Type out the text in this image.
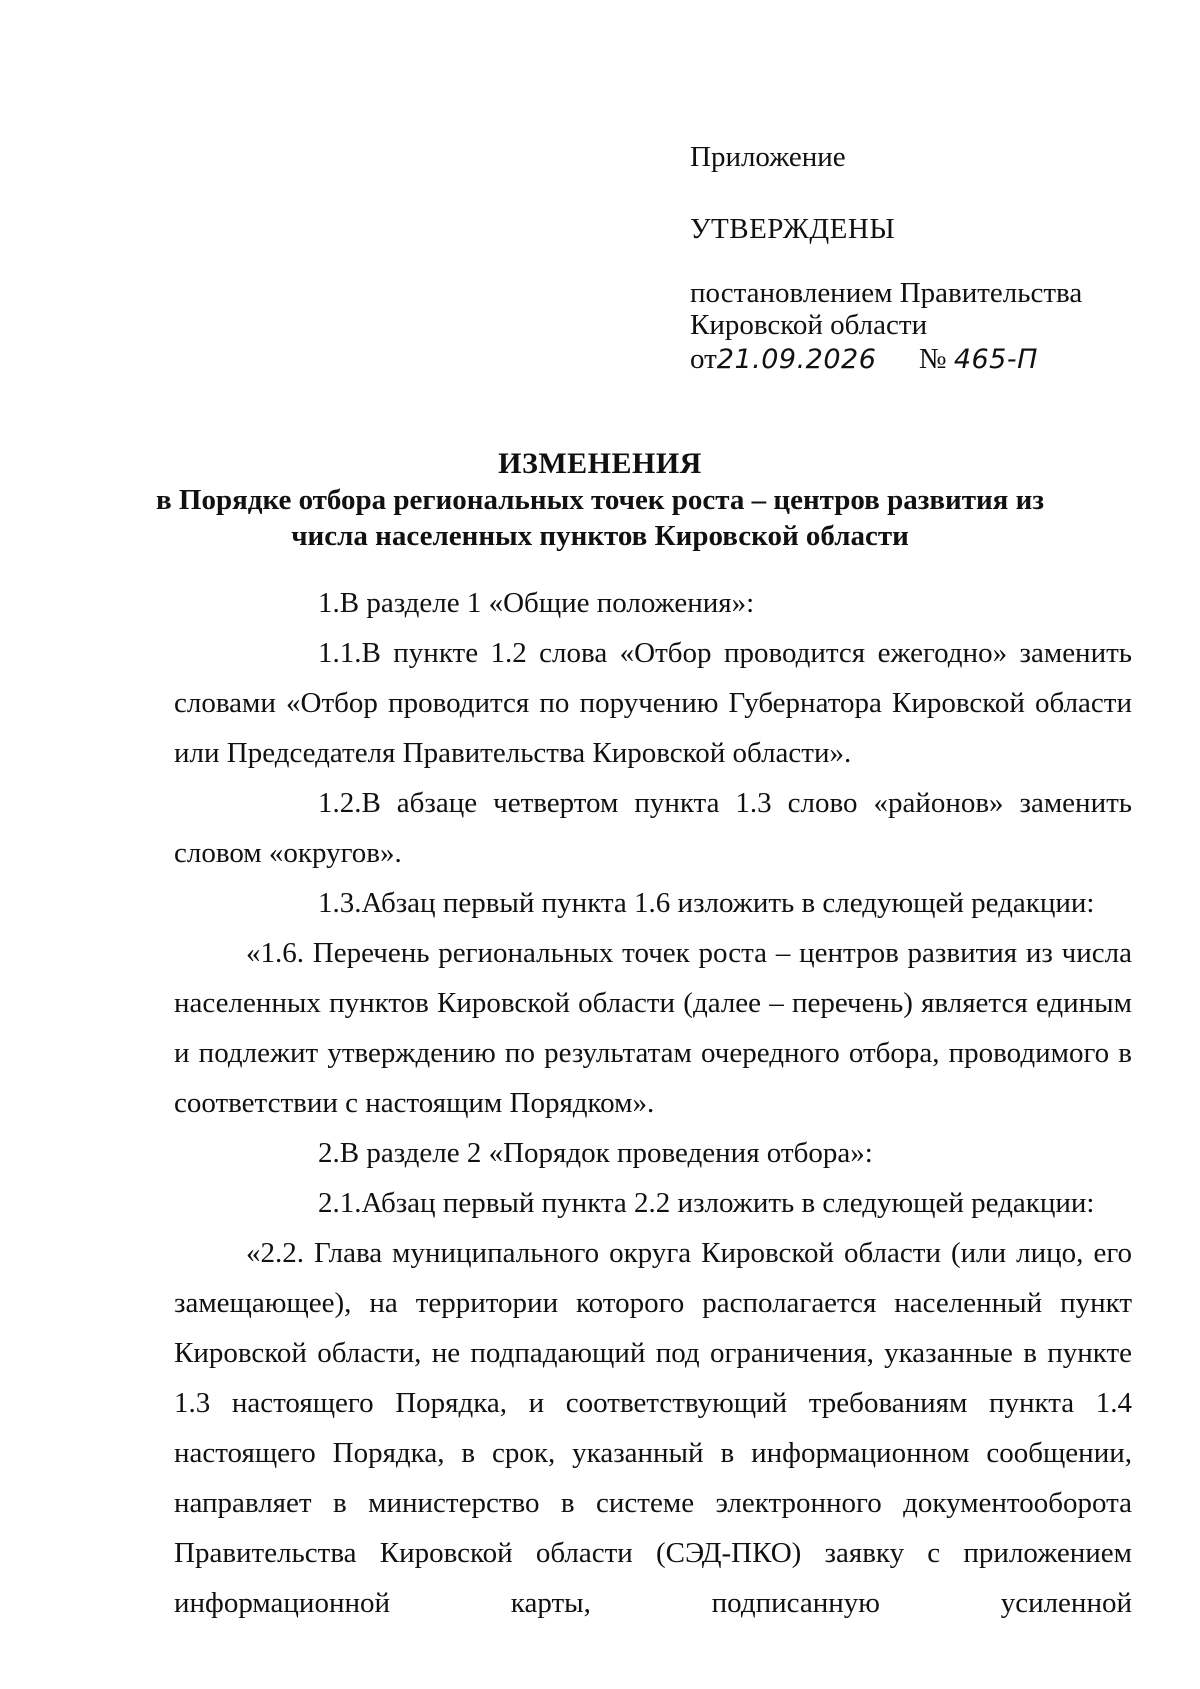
Приложение
УТВЕРЖДЕНЫ
постановлением Правительства
Кировской области
от21.09.2026 № 465-П
ИЗМЕНЕНИЯ
в Порядке отбора региональных точек роста – центров развития из числа населенных пунктов Кировской области

1.В разделе 1 «Общие положения»:

1.1.В пункте 1.2 слова «Отбор проводится ежегодно» заменить словами «Отбор проводится по поручению Губернатора Кировской области или Председателя Правительства Кировской области».

1.2.В абзаце четвертом пункта 1.3 слово «районов» заменить словом «округов».

1.3.Абзац первый пункта 1.6 изложить в следующей редакции:

«1.6. Перечень региональных точек роста – центров развития из числа населенных пунктов Кировской области (далее – перечень) является единым и подлежит утверждению по результатам очередного отбора, проводимого в соответствии с настоящим Порядком».

2.В разделе 2 «Порядок проведения отбора»:

2.1.Абзац первый пункта 2.2 изложить в следующей редакции:

«2.2. Глава муниципального округа Кировской области (или лицо, его замещающее), на территории которого располагается населенный пункт Кировской области, не подпадающий под ограничения, указанные в пункте 1.3 настоящего Порядка, и соответствующий требованиям пункта 1.4 настоящего Порядка, в срок, указанный в информационном сообщении, направляет в министерство в системе электронного документооборота Правительства Кировской области (СЭД-ПКО) заявку с приложением информационной карты, подписанную усиленной
